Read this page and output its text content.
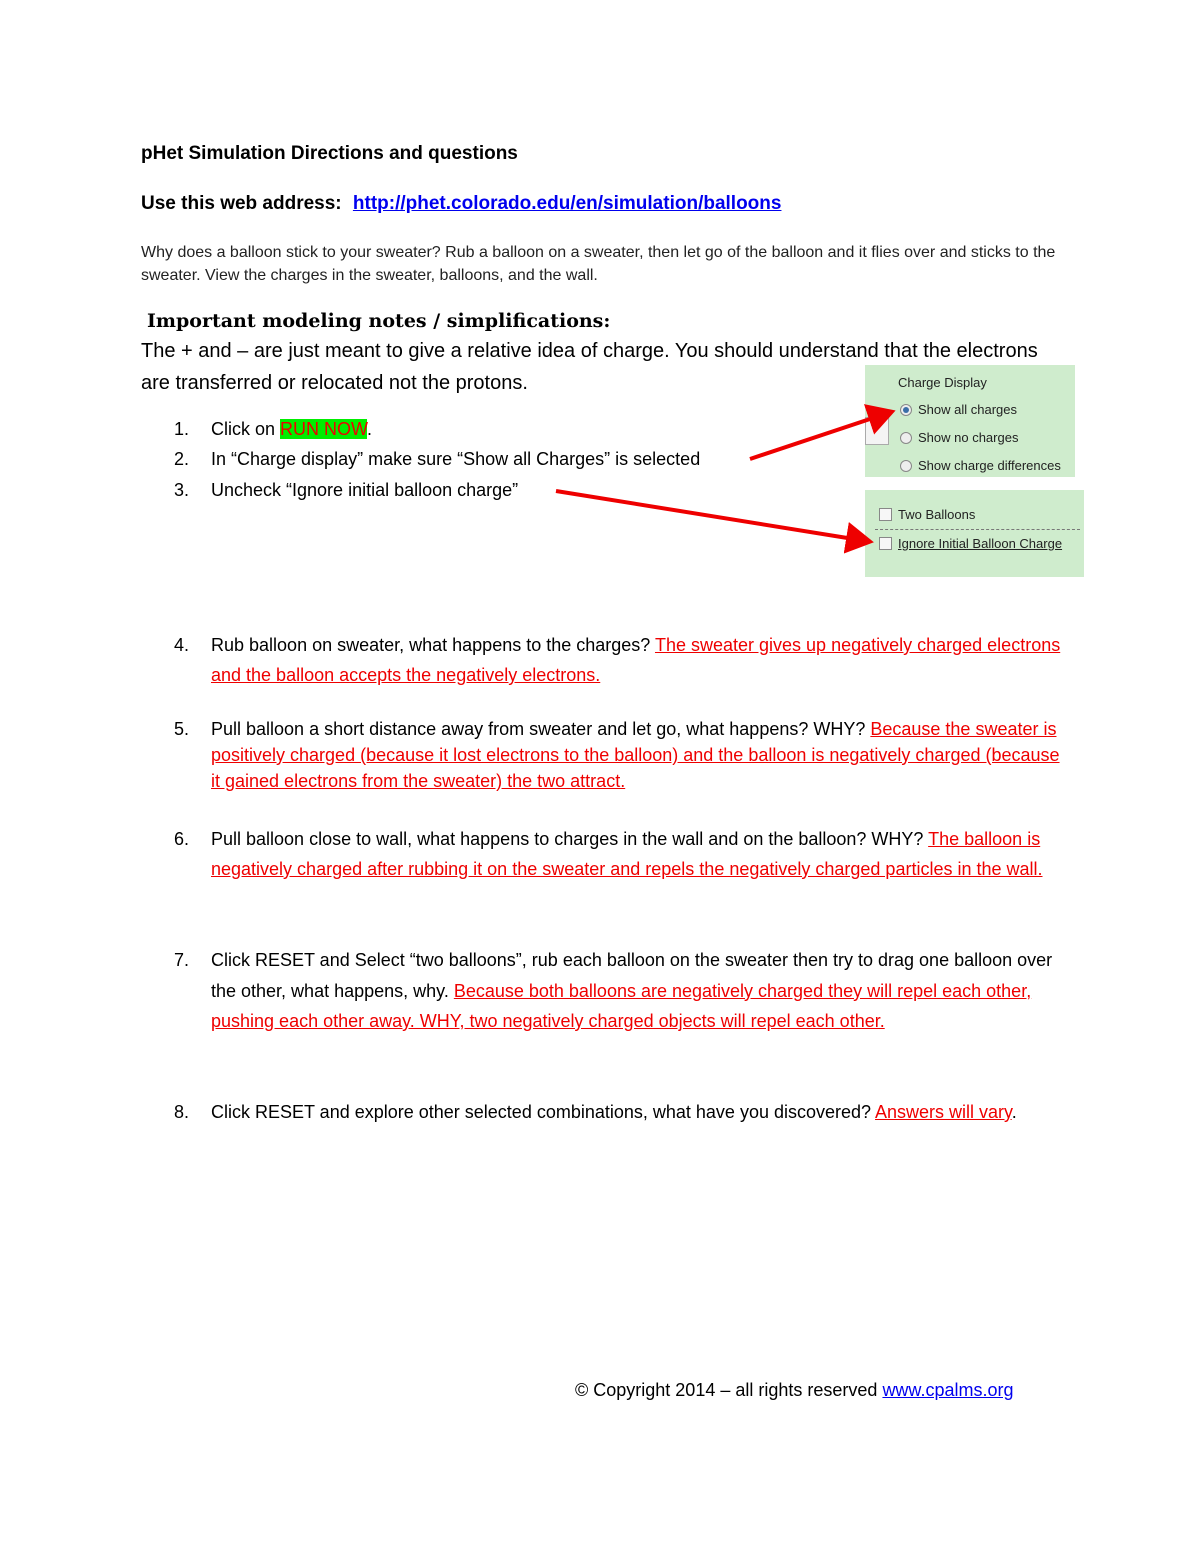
pHet Simulation Directions and questions
Use this web address: http://phet.colorado.edu/en/simulation/balloons
Why does a balloon stick to your sweater? Rub a balloon on a sweater, then let go of the balloon and it flies over and sticks to the sweater. View the charges in the sweater, balloons, and the wall.
Important modeling notes / simplifications:
The + and – are just meant to give a relative idea of charge. You should understand that the electrons are transferred or relocated not the protons.
1. Click on RUN NOW.
2. In “Charge display” make sure “Show all Charges” is selected
3. Uncheck “Ignore initial balloon charge”
4. Rub balloon on sweater, what happens to the charges? The sweater gives up negatively charged electrons and the balloon accepts the negatively electrons.
5. Pull balloon a short distance away from sweater and let go, what happens? WHY? Because the sweater is positively charged (because it lost electrons to the balloon) and the balloon is negatively charged (because it gained electrons from the sweater) the two attract.
6. Pull balloon close to wall, what happens to charges in the wall and on the balloon? WHY? The balloon is negatively charged after rubbing it on the sweater and repels the negatively charged particles in the wall.
7. Click RESET and Select “two balloons”, rub each balloon on the sweater then try to drag one balloon over the other, what happens, why. Because both balloons are negatively charged they will repel each other, pushing each other away. WHY, two negatively charged objects will repel each other.
8. Click RESET and explore other selected combinations, what have you discovered? Answers will vary.
Charge Display
Show all charges
Show no charges
Show charge differences
Two Balloons
Ignore Initial Balloon Charge
© Copyright 2014 – all rights reserved www.cpalms.org
